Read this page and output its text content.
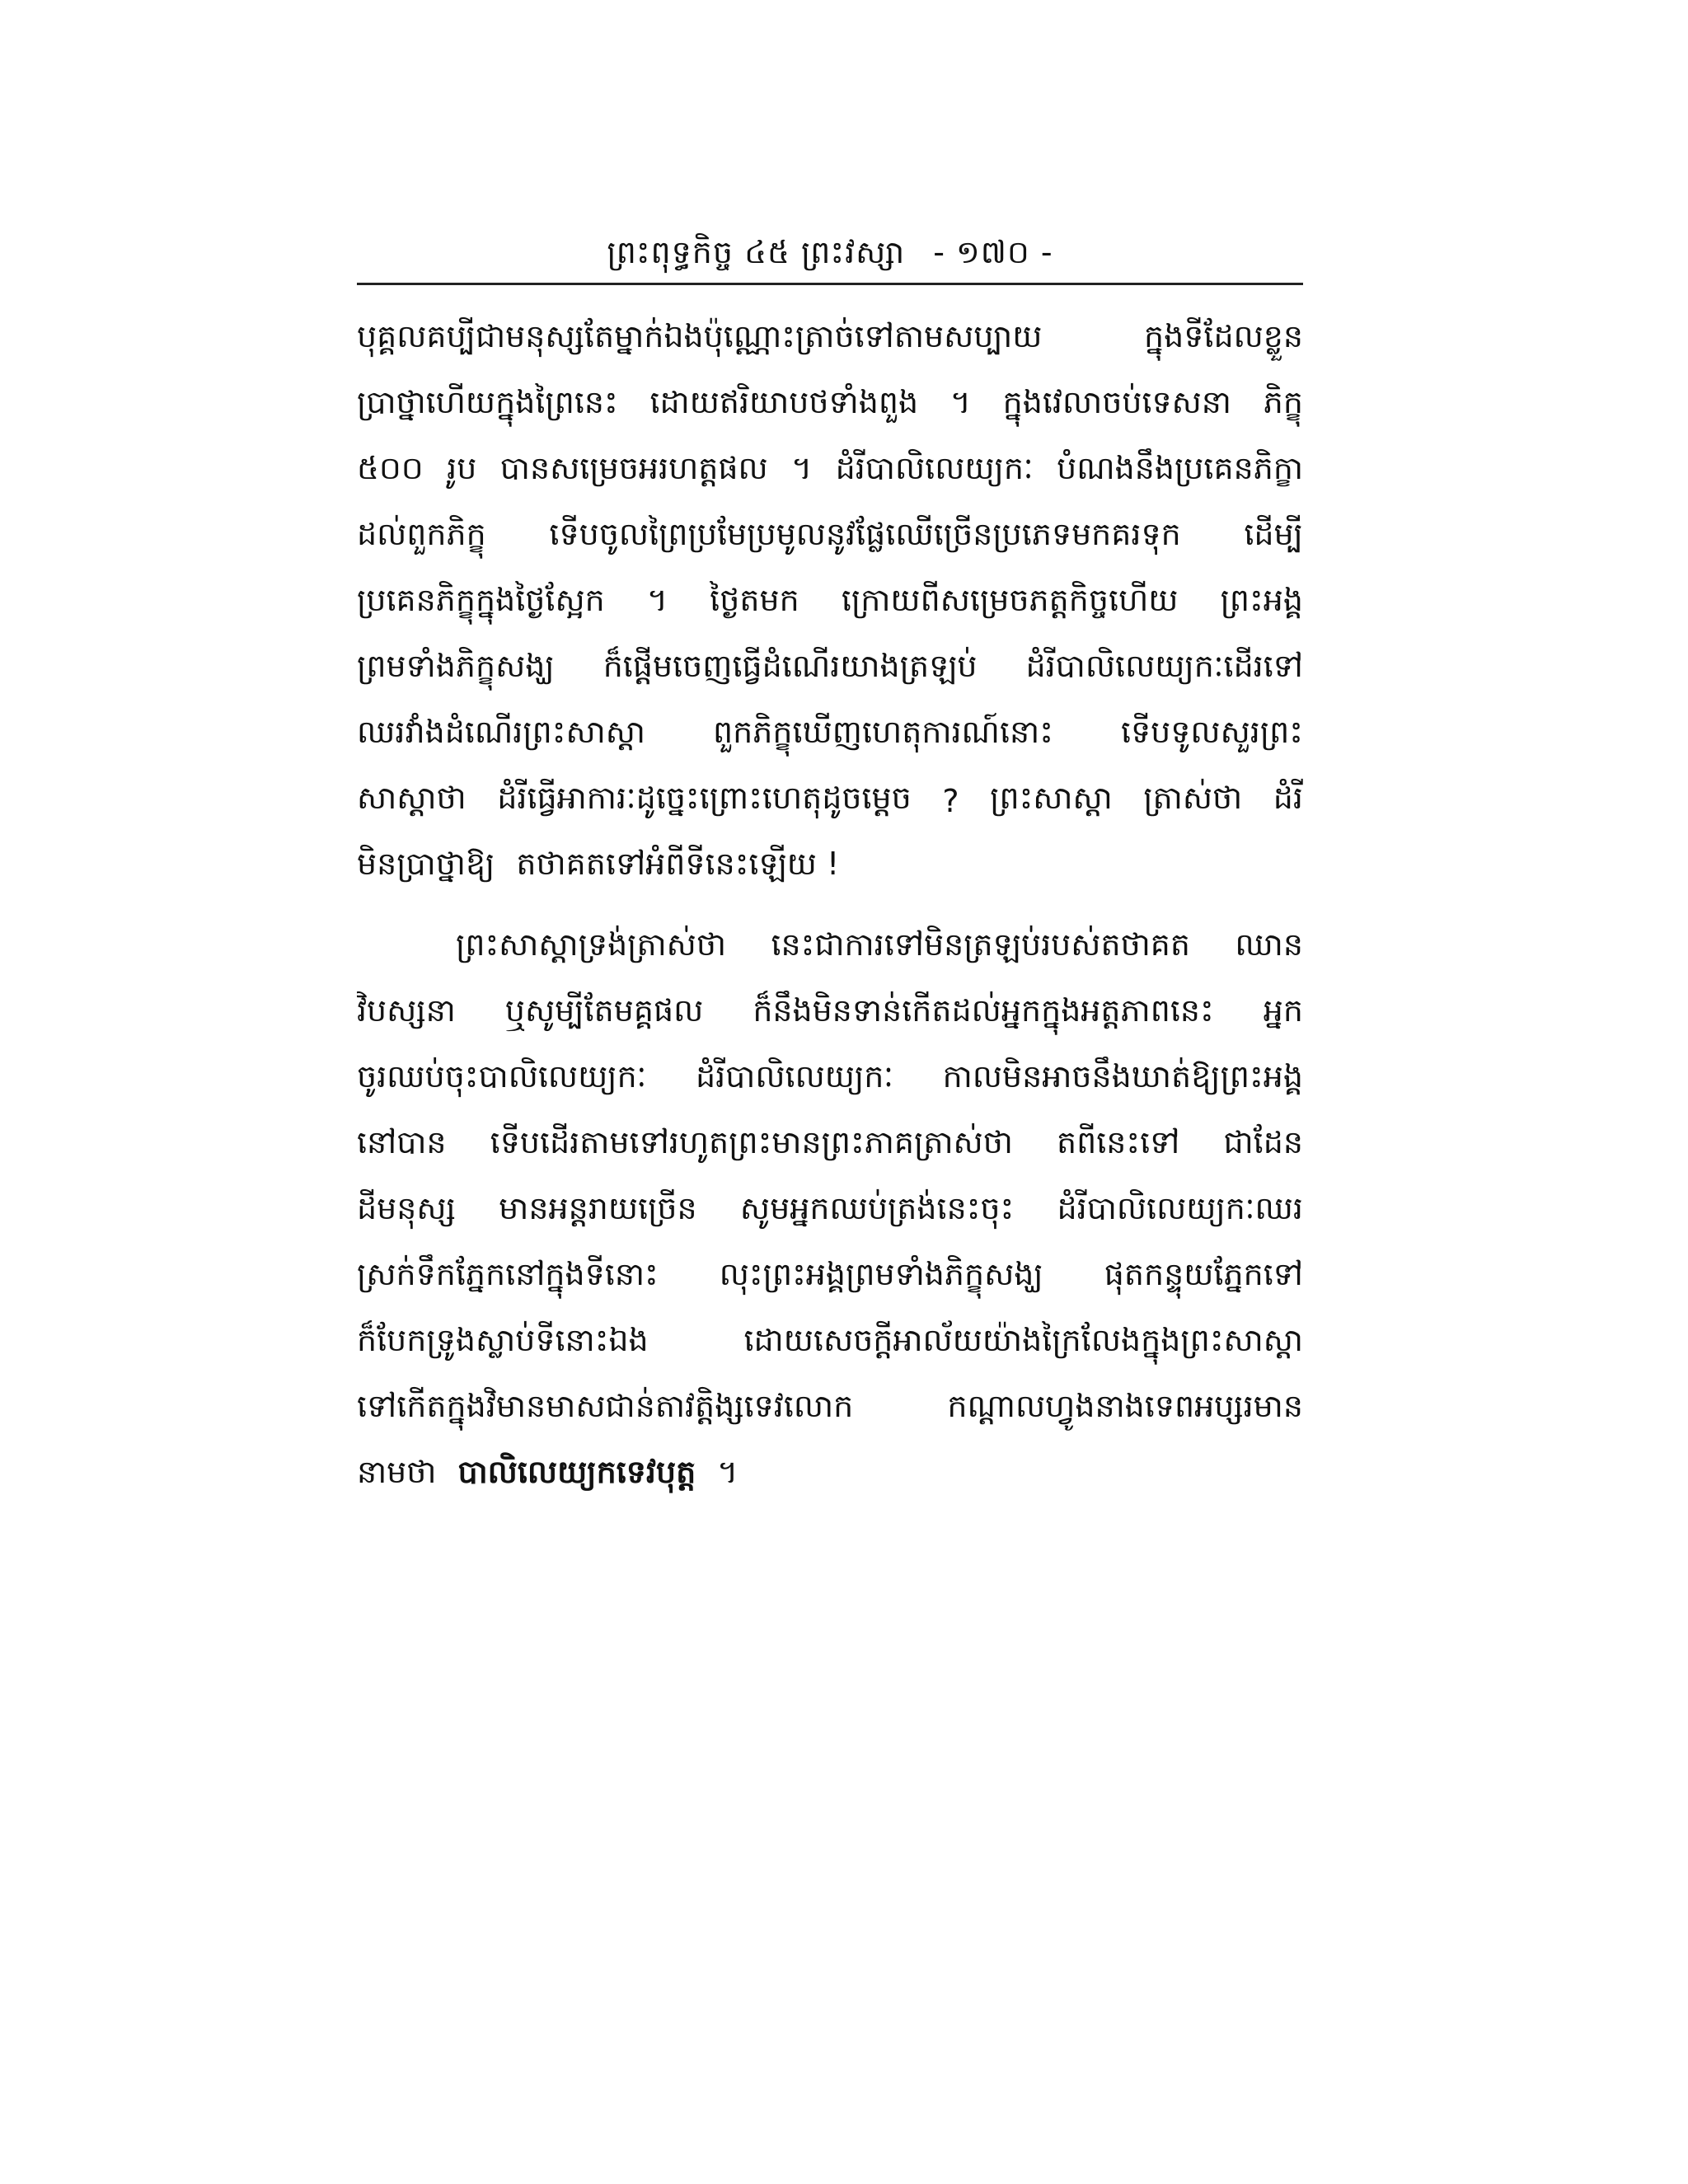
ព្រះពុទ្ធកិច្ច ៤៥ ព្រះវស្សា - ១៧០ -
បុគ្គលគប្បីជាមនុស្សតែម្នាក់ឯងប៉ុណ្ណោះត្រាច់ទៅតាមសប្បាយ	ក្នុងទីដែលខ្លួន
ប្រាថ្នាហើយក្នុងព្រៃនេះ ដោយឥរិយាបថទាំងពួង ។ ក្នុងវេលាចប់ទេសនា ភិក្ខុ
៥០០ រូប បានសម្រេចអរហត្តផល ។ ដំរីបាលិលេយ្យកៈ បំណងនឹងប្រគេនភិក្ខា
ដល់ពួកភិក្ខុ ទើបចូលព្រៃប្រមែប្រមូលនូវផ្លែឈើច្រើនប្រភេទមកគរទុក ដើម្បី
ប្រគេនភិក្ខុក្នុងថ្ងៃស្អែក ។ ថ្ងៃតមក ក្រោយពីសម្រេចភត្តកិច្ចហើយ ព្រះអង្គ
ព្រមទាំងភិក្ខុសង្ឃ ក៏ផ្ដើមចេញធ្វើដំណើរយាងត្រឡប់ ដំរីបាលិលេយ្យកៈដើរទៅ
ឈរវាំងដំណើរព្រះសាស្ដា ពួកភិក្ខុឃើញហេតុការណ៍នោះ ទើបទូលសួរព្រះ
សាស្ដាថា ដំរីធ្វើអាការៈដូច្នេះព្រោះហេតុដូចម្ដេច ? ព្រះសាស្ដា ត្រាស់ថា ដំរី
មិនប្រាថ្នាឱ្យ តថាគតទៅអំពីទីនេះឡើយ !
ព្រះសាស្ដាទ្រង់ត្រាស់ថា នេះជាការទៅមិនត្រឡប់របស់តថាគត ឈាន
វិបស្សនា ឬសូម្បីតែមគ្គផល ក៏នឹងមិនទាន់កើតដល់អ្នកក្នុងអត្តភាពនេះ អ្នក
ចូរឈប់ចុះបាលិលេយ្យកៈ ដំរីបាលិលេយ្យកៈ កាលមិនអាចនឹងឃាត់ឱ្យព្រះអង្គ
នៅបាន ទើបដើរតាមទៅរហូតព្រះមានព្រះភាគត្រាស់ថា តពីនេះទៅ ជាដែន
ដីមនុស្ស មានអន្តរាយច្រើន សូមអ្នកឈប់ត្រង់នេះចុះ ដំរីបាលិលេយ្យកៈឈរ
ស្រក់ទឹកភ្នែកនៅក្នុងទីនោះ លុះព្រះអង្គព្រមទាំងភិក្ខុសង្ឃ ផុតកន្ទុយភ្នែកទៅ
ក៏បែកទ្រូងស្លាប់ទីនោះឯង	ដោយសេចក្ដីអាល័យយ៉ាងក្រៃលែងក្នុងព្រះសាស្ដា
ទៅកើតក្នុងវិមានមាសជាន់តាវត្តិង្សទេវលោក	កណ្ដាលហ្វូងនាងទេពអប្សរមាន
នាមថា បាលិលេយ្យកទេវបុត្ត ។
